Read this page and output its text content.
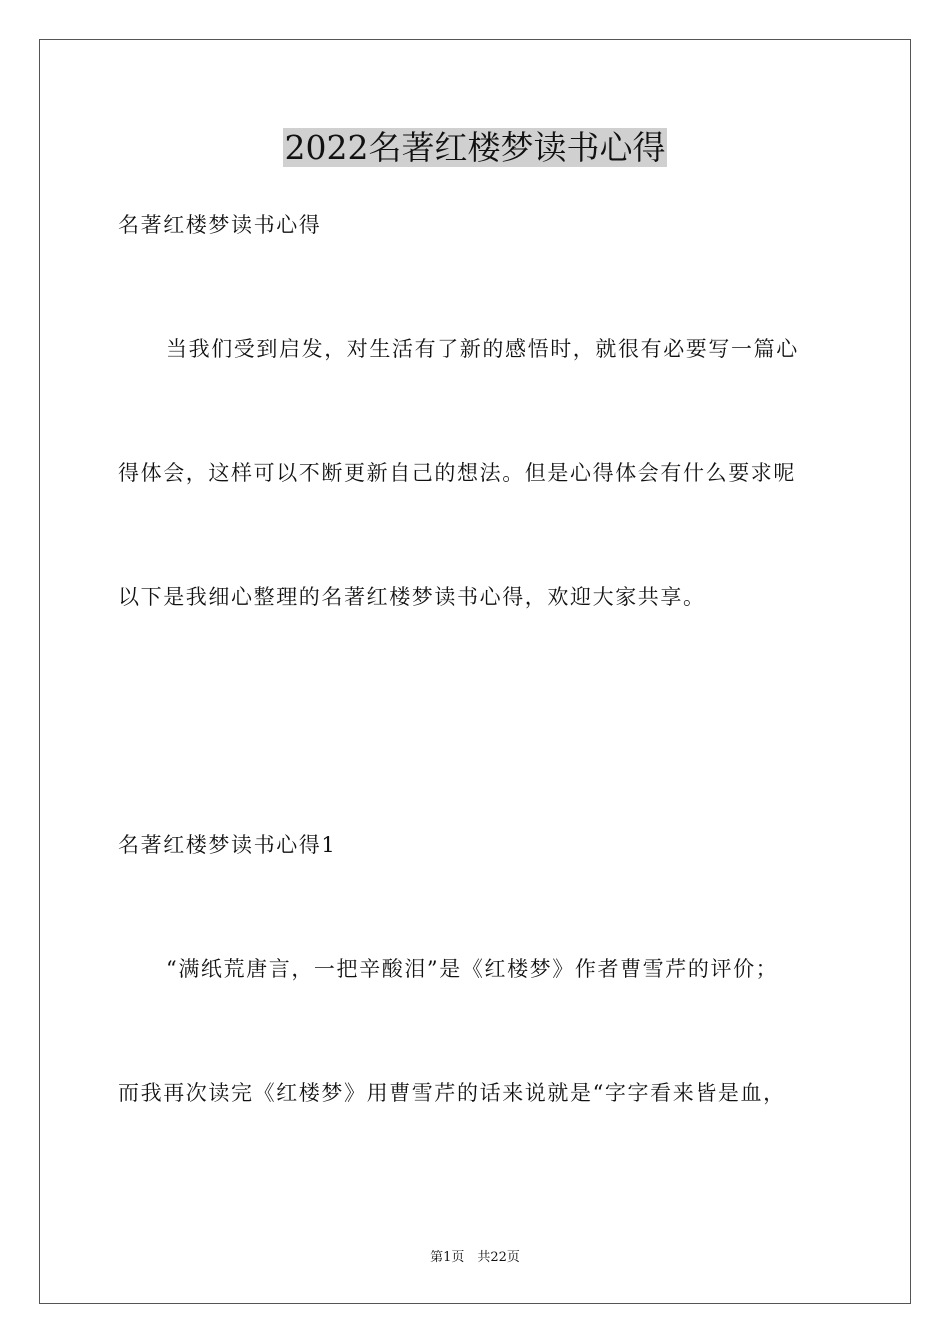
2022名著红楼梦读书心得
名著红楼梦读书心得
当我们受到启发，对生活有了新的感悟时，就很有必要写一篇心
得体会，这样可以不断更新自己的想法。但是心得体会有什么要求呢
以下是我细心整理的名著红楼梦读书心得，欢迎大家共享。
名著红楼梦读书心得1
“满纸荒唐言，一把辛酸泪”是《红楼梦》作者曹雪芹的评价；
而我再次读完《红楼梦》用曹雪芹的话来说就是“字字看来皆是血，
第1页　共22页
